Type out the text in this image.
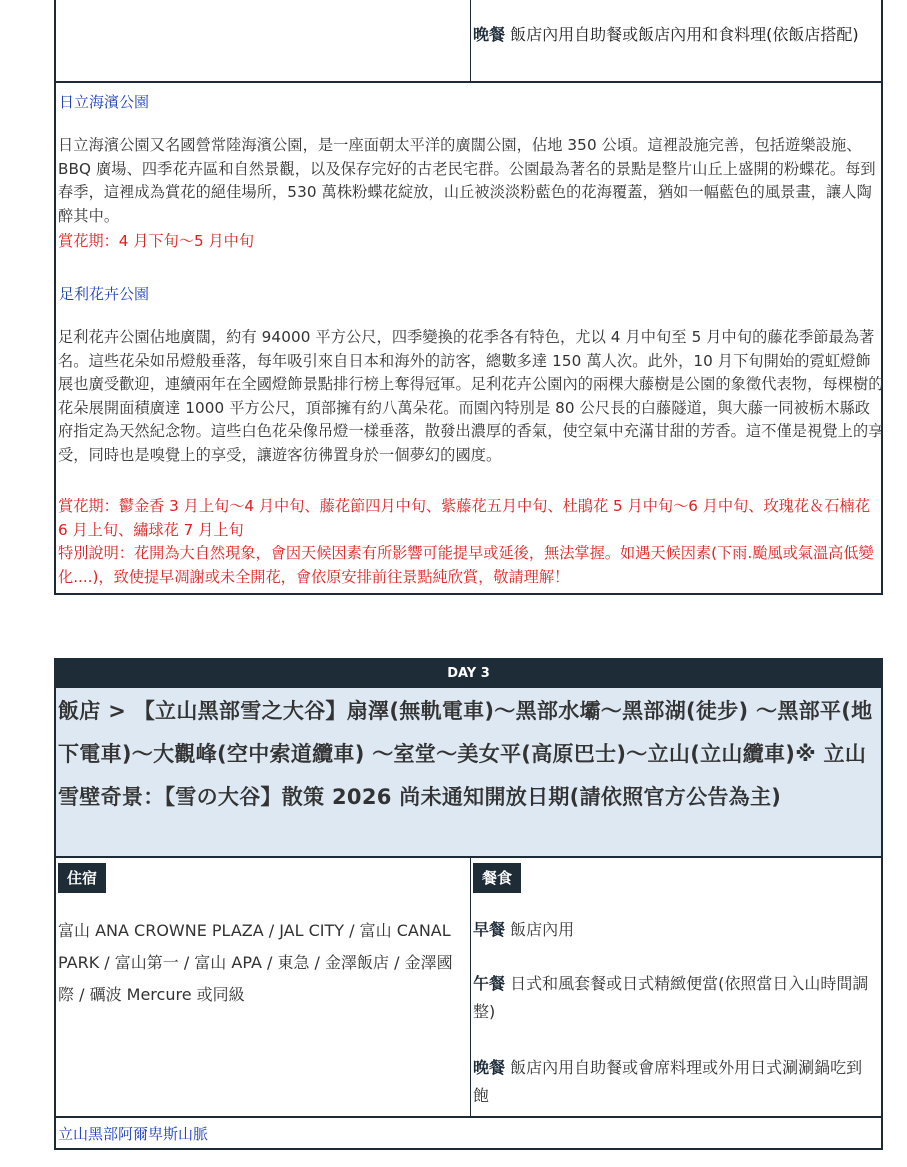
晚餐 飯店內用自助餐或飯店內用和食料理(依飯店搭配)
日立海濱公園
日立海濱公園又名國營常陸海濱公園，是一座面朝太平洋的廣闊公園，佔地 350 公頃。這裡設施完善，包括遊樂設施、BBQ 廣場、四季花卉區和自然景觀，以及保存完好的古老民宅群。公園最為著名的景點是整片山丘上盛開的粉蝶花。每到春季，這裡成為賞花的絕佳場所，530 萬株粉蝶花綻放，山丘被淡淡粉藍色的花海覆蓋，猶如一幅藍色的風景畫，讓人陶醉其中。
賞花期：4 月下旬～5 月中旬
足利花卉公園
足利花卉公園佔地廣闊，約有 94000 平方公尺，四季變換的花季各有特色，尤以 4 月中旬至 5 月中旬的藤花季節最為著名。這些花朵如吊燈般垂落，每年吸引來自日本和海外的訪客，總數多達 150 萬人次。此外，10 月下旬開始的霓虹燈飾展也廣受歡迎，連續兩年在全國燈飾景點排行榜上奪得冠軍。足利花卉公園內的兩棵大藤樹是公園的象徵代表物，每棵樹的花朵展開面積廣達 1000 平方公尺，頂部擁有約八萬朵花。而園內特別是 80 公尺長的白藤隧道，與大藤一同被栃木縣政府指定為天然紀念物。這些白色花朵像吊燈一樣垂落，散發出濃厚的香氣，使空氣中充滿甘甜的芳香。這不僅是視覺上的享受，同時也是嗅覺上的享受，讓遊客彷彿置身於一個夢幻的國度。
賞花期：鬱金香 3 月上旬～4 月中旬、藤花節四月中旬、紫藤花五月中旬、杜鵑花 5 月中旬～6 月中旬、玫瑰花＆石楠花 6 月上旬、繡球花 7 月上旬
特別說明：花開為大自然現象，會因天候因素有所影響可能提早或延後，無法掌握。如遇天候因素(下雨.颱風或氣溫高低變化....)，致使提早凋謝或未全開花，會依原安排前往景點純欣賞，敬請理解！
DAY 3
飯店 > 【立山黑部雪之大谷】扇澤(無軌電車)～黑部水壩～黑部湖(徒步) ～黑部平(地下電車)～大觀峰(空中索道纜車) ～室堂～美女平(高原巴士)～立山(立山纜車)※ 立山雪壁奇景：【雪の大谷】散策 2026 尚未通知開放日期(請依照官方公告為主)
住宿	餐食
富山 ANA CROWNE PLAZA / JAL CITY / 富山 CANAL PARK / 富山第一 / 富山 APA / 東急 / 金澤飯店 / 金澤國際 / 礪波 Mercure 或同級
早餐 飯店內用
午餐 日式和風套餐或日式精緻便當(依照當日入山時間調整)
晚餐 飯店內用自助餐或會席料理或外用日式涮涮鍋吃到飽
立山黑部阿爾卑斯山脈
